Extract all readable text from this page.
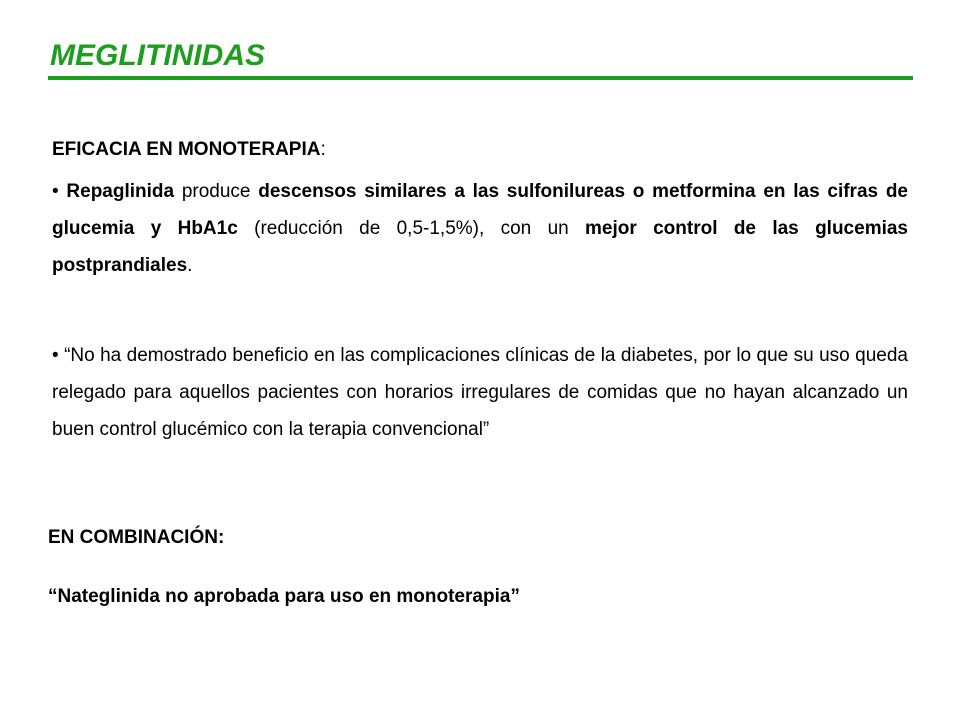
MEGLITINIDAS
EFICACIA EN MONOTERAPIA:

• Repaglinida produce descensos similares a las sulfonilureas o metformina en las cifras de glucemia y HbA1c (reducción de 0,5-1,5%), con un mejor control de las glucemias postprandiales.

• “No ha demostrado beneficio en las complicaciones clínicas de la diabetes, por lo que su uso queda relegado para aquellos pacientes con horarios irregulares de comidas que no hayan alcanzado un buen control glucémico con la terapia convencional”

EN COMBINACIÓN:

“Nateglinida no aprobada para uso en monoterapia”
